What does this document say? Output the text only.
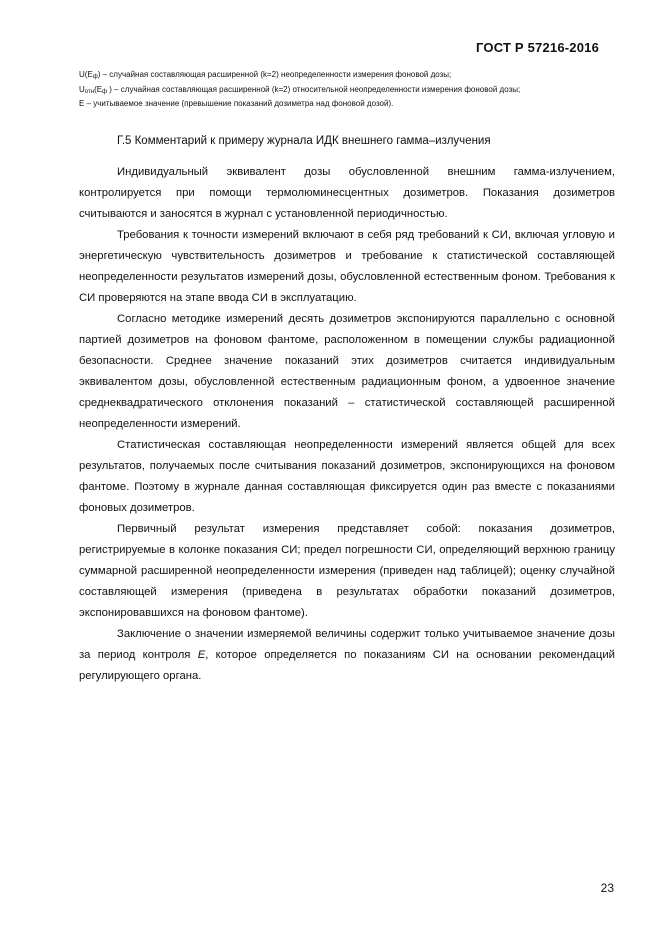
ГОСТ Р 57216-2016

U(Eф) – случайная составляющая расширенной (k=2) неопределенности измерения фоновой дозы;

Uотн(Eф ) – случайная составляющая расширенной (k=2) относительной неопределенности измерения фоновой дозы;

E – учитываемое значение (превышение показаний дозиметра над фоновой дозой).

Г.5 Комментарий к примеру журнала ИДК внешнего гамма–излучения

Индивидуальный эквивалент дозы обусловленной внешним гамма-излучением, контролируется при помощи термолюминесцентных дозиметров. Показания дозиметров считываются и заносятся в журнал с установленной периодичностью.

Требования к точности измерений включают в себя ряд требований к СИ, включая угловую и энергетическую чувствительность дозиметров и требование к статистической составляющей неопределенности результатов измерений дозы, обусловленной естественным фоном. Требования к СИ проверяются на этапе ввода СИ в эксплуатацию.

Согласно методике измерений десять дозиметров экспонируются параллельно с основной партией дозиметров на фоновом фантоме, расположенном в помещении службы радиационной безопасности. Среднее значение показаний этих дозиметров считается индивидуальным эквивалентом дозы, обусловленной естественным радиационным фоном, а удвоенное значение среднеквадратического отклонения показаний – статистической составляющей расширенной неопределенности измерений.

Статистическая составляющая неопределенности измерений является общей для всех результатов, получаемых после считывания показаний дозиметров, экспонирующихся на фоновом фантоме. Поэтому в журнале данная составляющая фиксируется один раз вместе с показаниями фоновых дозиметров.

Первичный результат измерения представляет собой: показания дозиметров, регистрируемые в колонке показания СИ; предел погрешности СИ, определяющий верхнюю границу суммарной расширенной неопределенности измерения (приведен над таблицей); оценку случайной составляющей измерения (приведена в результатах обработки показаний дозиметров, экспонировавшихся на фоновом фантоме).

Заключение о значении измеряемой величины содержит только учитываемое значение дозы за период контроля E, которое определяется по показаниям СИ на основании рекомендаций регулирующего органа.

23
